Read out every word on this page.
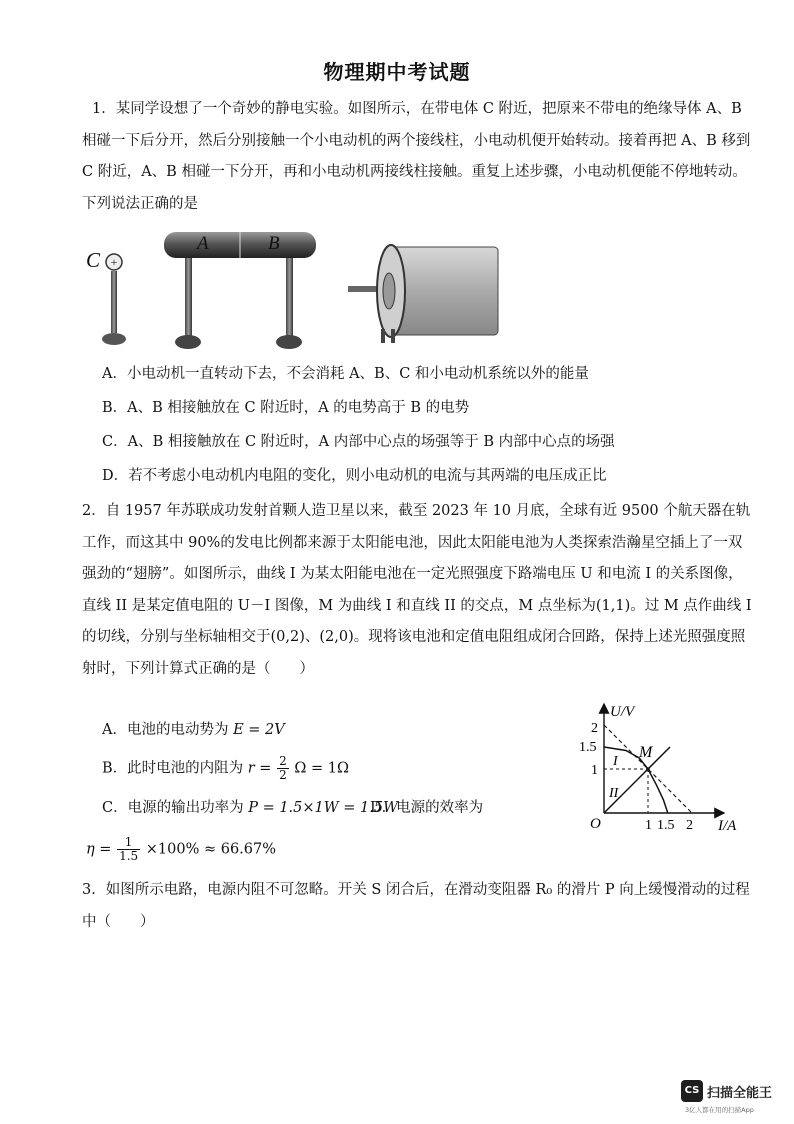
物理期中考试题

1．某同学设想了一个奇妙的静电实验。如图所示，在带电体 C 附近，把原来不带电的绝缘导体 A、B 相碰一下后分开，然后分别接触一个小电动机的两个接线柱，小电动机便开始转动。接着再把 A、B 移到 C 附近，A、B 相碰一下分开，再和小电动机两接线柱接触。重复上述步骤，小电动机便能不停地转动。下列说法正确的是

+
C
A	B
A．小电动机一直转动下去，不会消耗 A、B、C 和小电动机系统以外的能量
B．A、B 相接触放在 C 附近时，A 的电势高于 B 的电势
C．A、B 相接触放在 C 附近时，A 内部中心点的场强等于 B 内部中心点的场强
D．若不考虑小电动机内电阻的变化，则小电动机的电流与其两端的电压成正比

2．自 1957 年苏联成功发射首颗人造卫星以来，截至 2023 年 10 月底，全球有近 9500 个航天器在轨工作，而这其中 90%的发电比例都来源于太阳能电池，因此太阳能电池为人类探索浩瀚星空插上了一双强劲的“翅膀”。如图所示，曲线 I 为某太阳能电池在一定光照强度下路端电压 U 和电流 I 的关系图像，直线 II 是某定值电阻的 U－I 图像，M 为曲线 I 和直线 II 的交点，M 点坐标为(1,1)。过 M 点作曲线 I 的切线，分别与坐标轴相交于(0,2)、(2,0)。现将该电池和定值电阻组成闭合回路，保持上述光照强度照射时，下列计算式正确的是（　　）

A．电池的电动势为 E = 2V
B．此时电池的内阻为 $r = \frac{2}{2}$ Ω = 1Ω
C．电源的输出功率为 P = 1.5×1W = 1.5W
D．电源的效率为
$\eta = \frac{1}{1.5} \times 100\% \approx 66.67\%$
U/V
I/A
O
2
1.5
1
1 1.5 2
I
II
M

3．如图所示电路，电源内阻不可忽略。开关 S 闭合后，在滑动变阻器 R₀ 的滑片 P 向上缓慢滑动的过程中（　　）

CS 扫描全能王
3亿人都在用的扫描App
